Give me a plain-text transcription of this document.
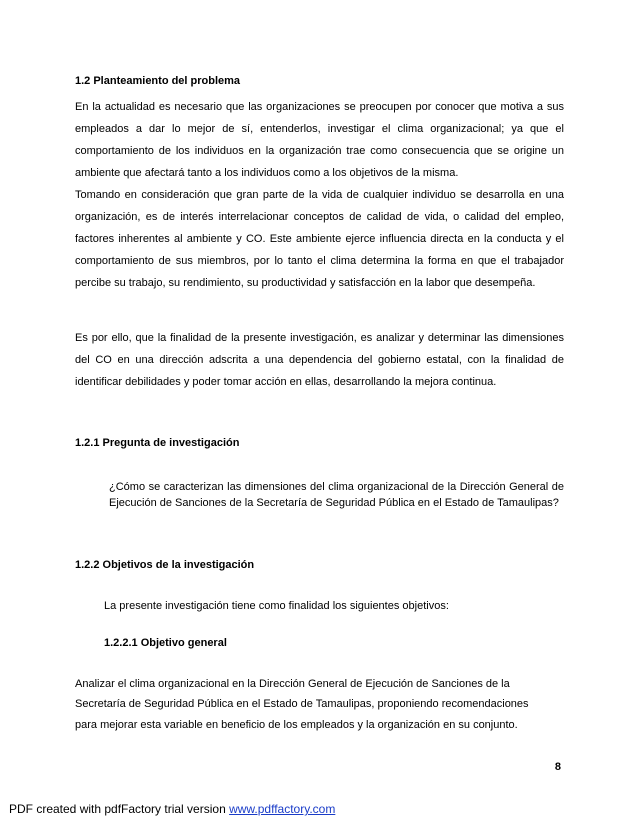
1.2 Planteamiento del problema
En la actualidad es necesario que las organizaciones se preocupen por conocer que motiva a sus empleados a dar lo mejor de sí, entenderlos, investigar el clima organizacional; ya que el comportamiento de los individuos en la organización trae como consecuencia que se origine un ambiente que afectará tanto a los individuos como a los objetivos de la misma.
Tomando en consideración que gran parte de la vida de cualquier individuo se desarrolla en una organización, es de interés interrelacionar conceptos de calidad de vida, o calidad del empleo, factores inherentes al ambiente y CO. Este ambiente ejerce influencia directa en la conducta y el comportamiento de sus miembros, por lo tanto el clima determina la forma en que el trabajador percibe su trabajo, su rendimiento, su productividad y satisfacción en la labor que desempeña.
Es por ello, que la finalidad de la presente investigación, es analizar y determinar las dimensiones del CO en una dirección adscrita a una dependencia del gobierno estatal, con la finalidad de identificar debilidades y poder tomar acción en ellas, desarrollando la mejora continua.
1.2.1 Pregunta de investigación
¿Cómo se caracterizan las dimensiones del clima organizacional de la Dirección General de Ejecución de Sanciones de la Secretaría de Seguridad Pública en el Estado de Tamaulipas?
1.2.2 Objetivos de la investigación
La presente investigación tiene como finalidad los siguientes objetivos:
1.2.2.1 Objetivo general
Analizar el clima organizacional en la Dirección General de Ejecución de Sanciones de la
Secretaría de Seguridad Pública en el Estado de Tamaulipas, proponiendo recomendaciones
para mejorar esta variable en beneficio de los empleados y la organización en su conjunto.
8
PDF created with pdfFactory trial version www.pdffactory.com
